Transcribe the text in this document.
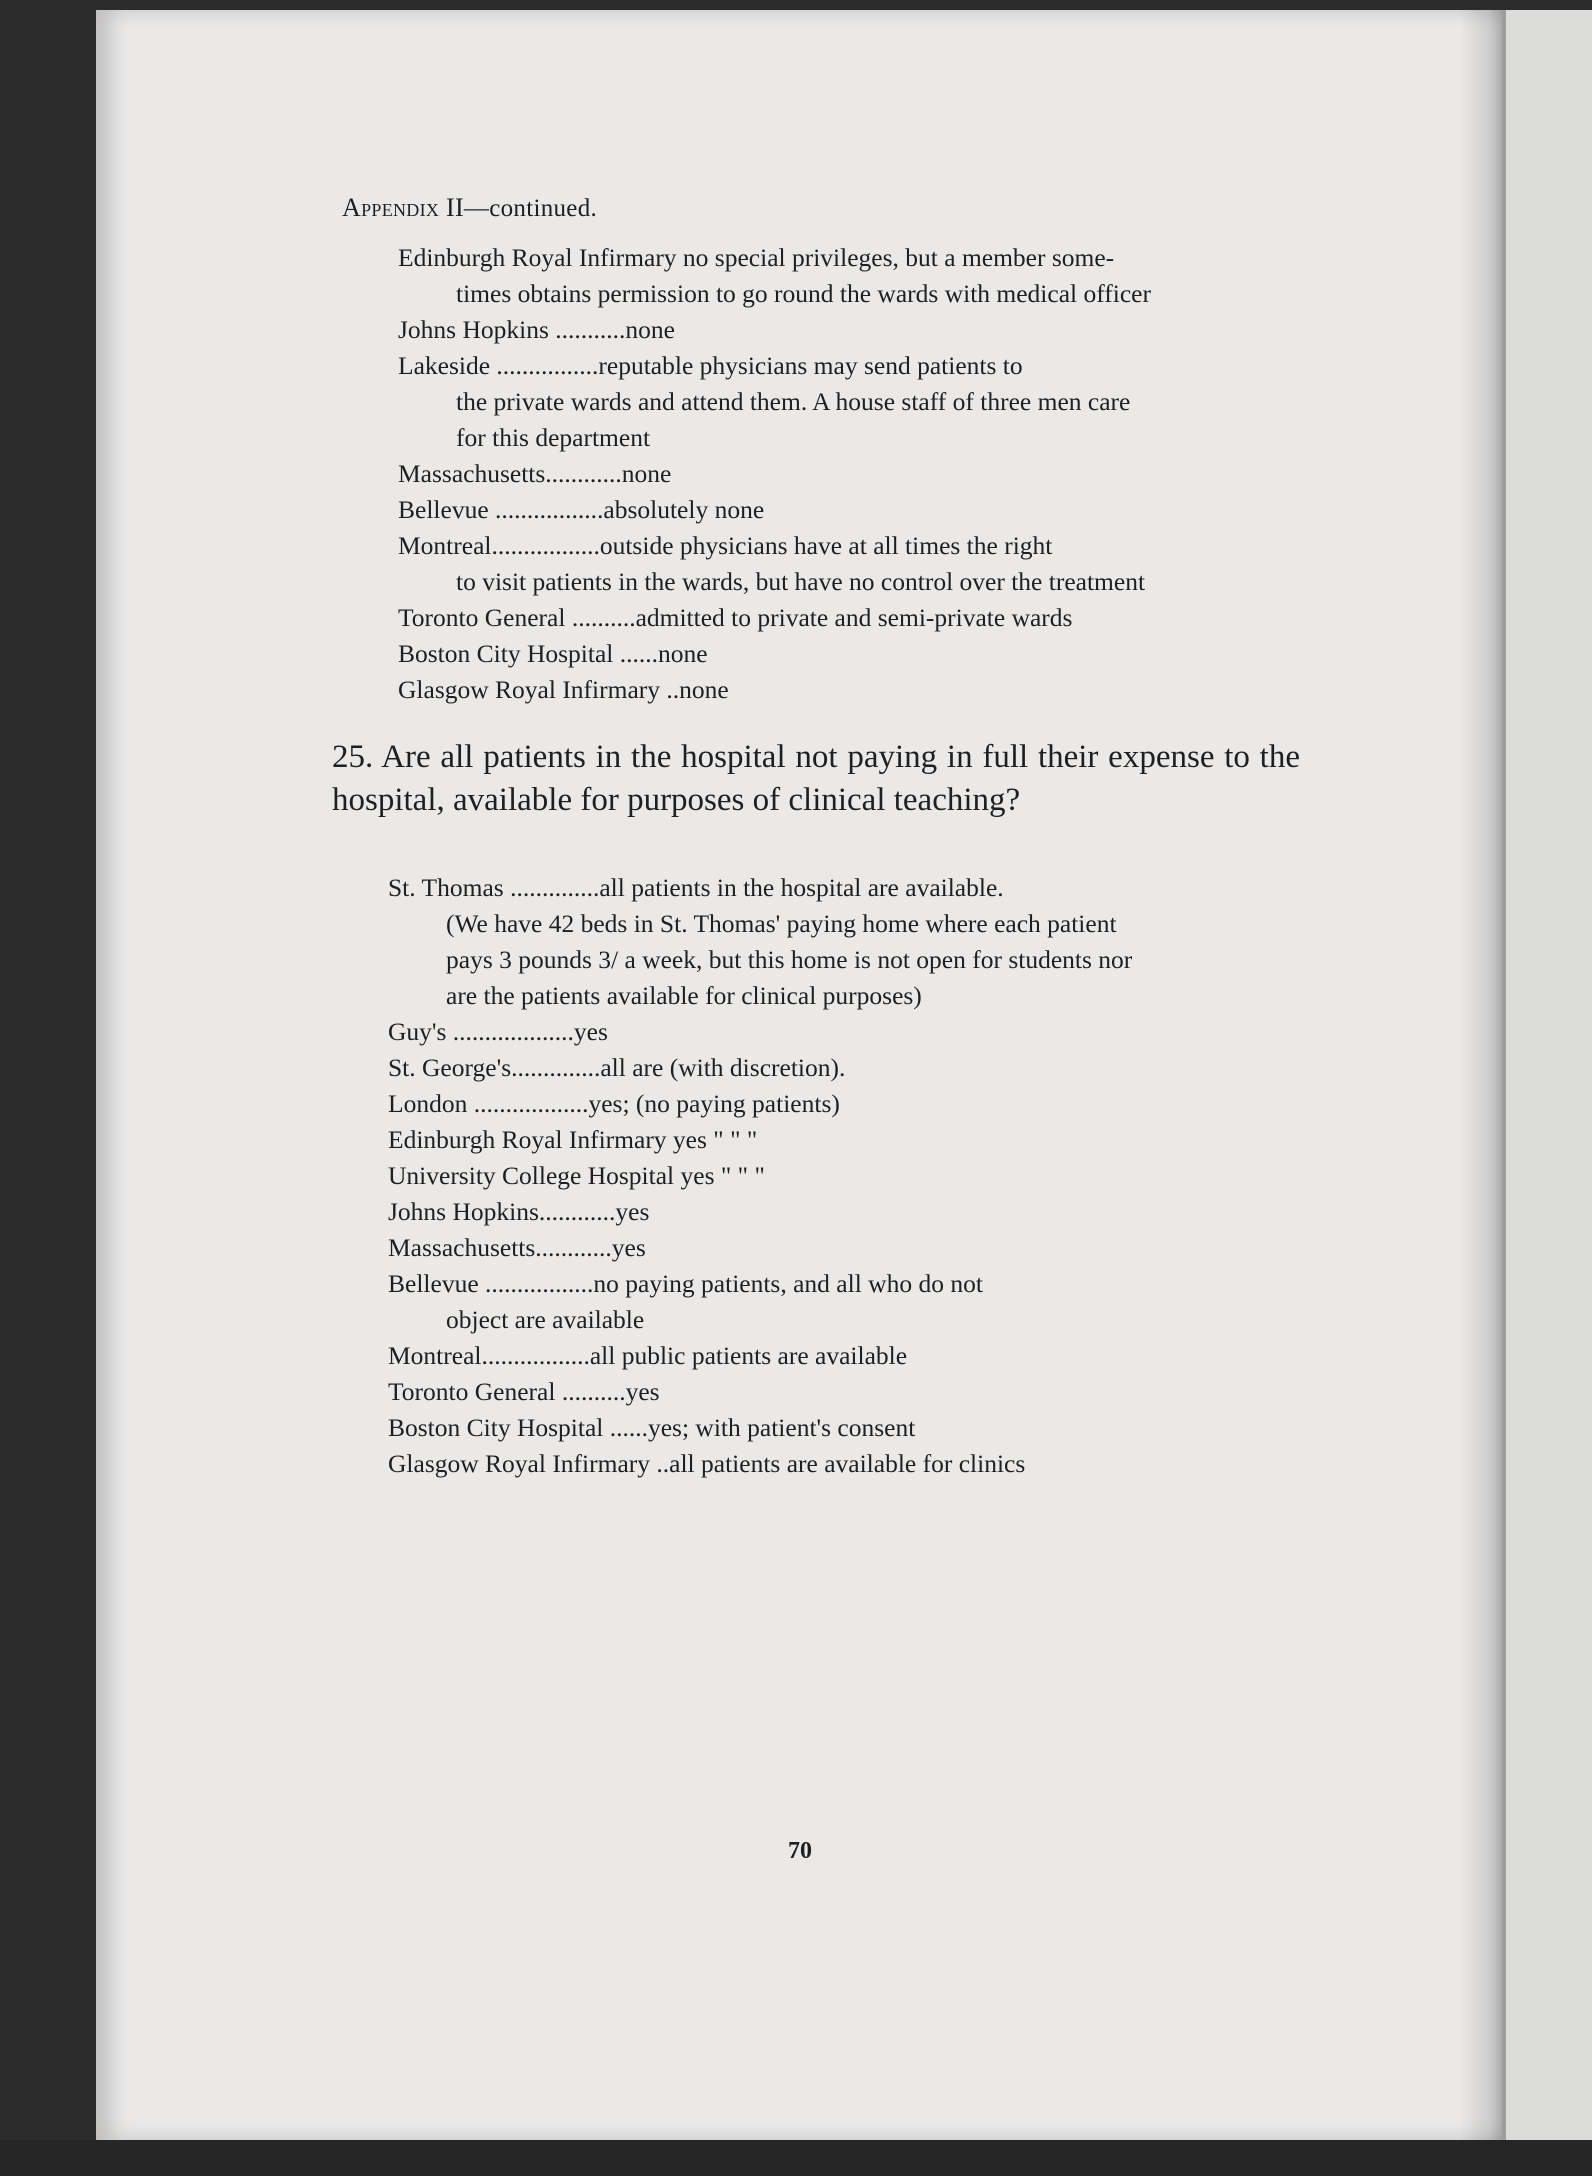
Appendix II—continued.
Edinburgh Royal Infirmary no special privileges, but a member some-
times obtains permission to go round the wards with medical officer
Johns Hopkins ...........none
Lakeside ................reputable physicians may send patients to
the private wards and attend them. A house staff of three men care
for this department
Massachusetts............none
Bellevue .................absolutely none
Montreal.................outside physicians have at all times the right
to visit patients in the wards, but have no control over the treatment
Toronto General ..........admitted to private and semi-private wards
Boston City Hospital ......none
Glasgow Royal Infirmary ..none
25. Are all patients in the hospital not paying in full their expense to the hospital, available for purposes of clinical teaching?
St. Thomas ..............all patients in the hospital are available.
(We have 42 beds in St. Thomas' paying home where each patient
pays 3 pounds 3/ a week, but this home is not open for students nor
are the patients available for clinical purposes)
Guy's ...................yes
St. George's..............all are (with discretion).
London ..................yes; (no paying patients)
Edinburgh Royal Infirmary yes " " "
University College Hospital yes " " "
Johns Hopkins............yes
Massachusetts............yes
Bellevue .................no paying patients, and all who do not
object are available
Montreal.................all public patients are available
Toronto General ..........yes
Boston City Hospital ......yes; with patient's consent
Glasgow Royal Infirmary ..all patients are available for clinics
70
